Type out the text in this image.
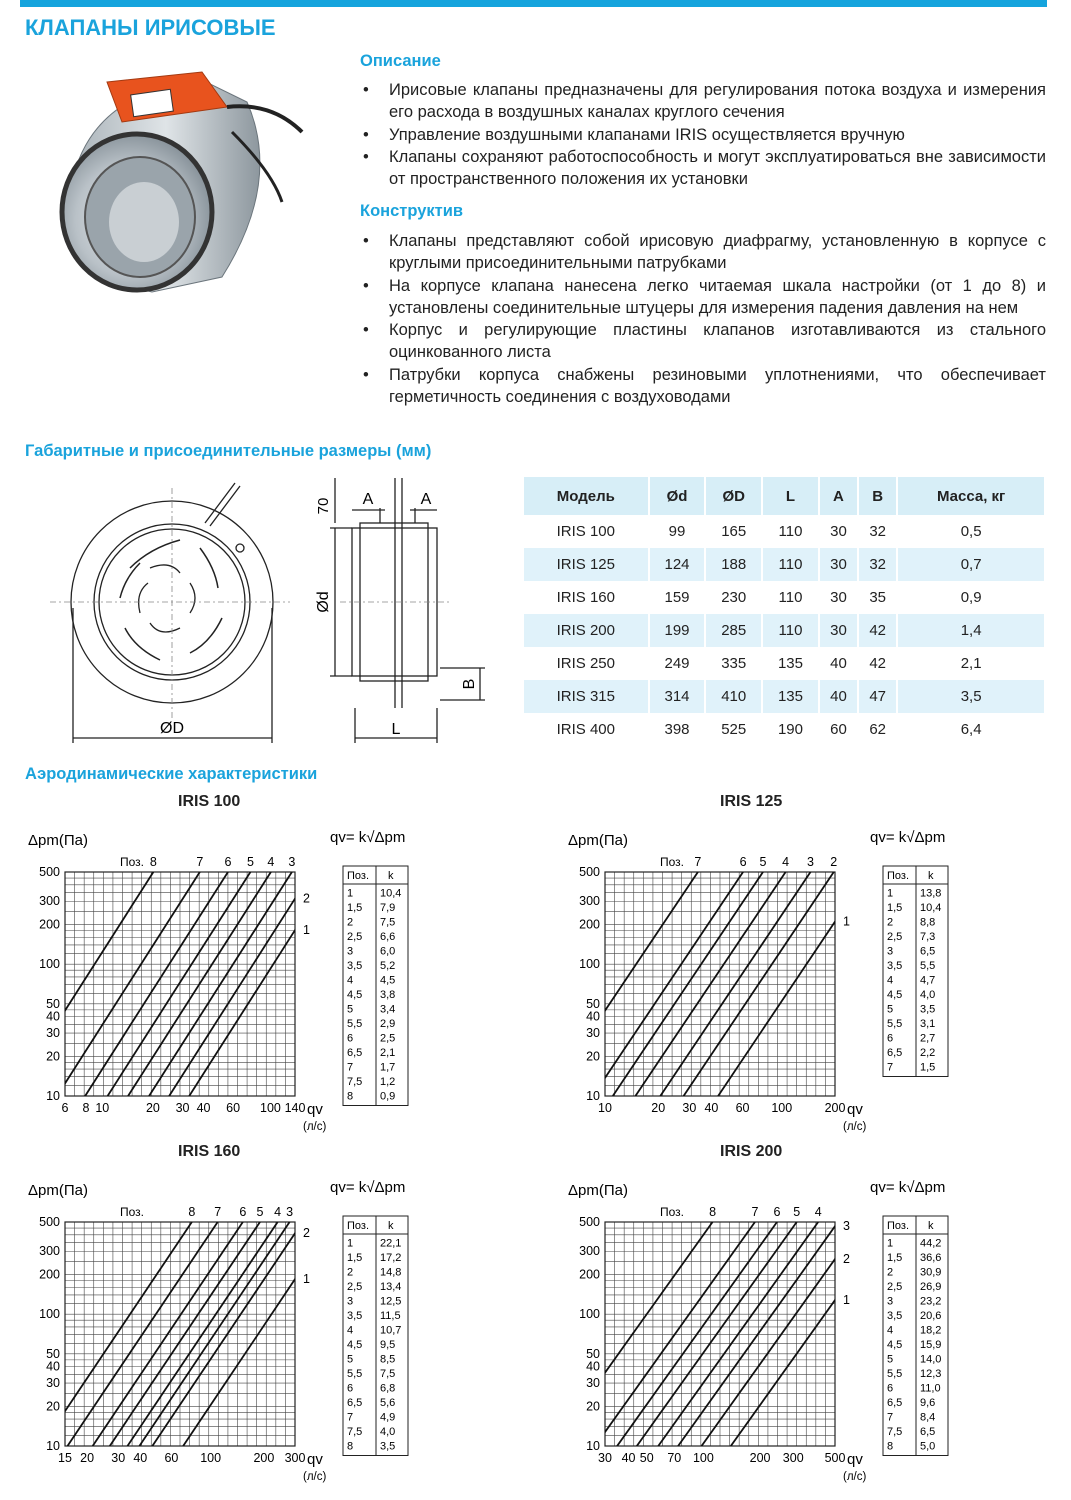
КЛАПАНЫ ИРИСОВЫЕ
Описание
• Ирисовые клапаны предназначены для регулирования потока воздуха и измерения его расхода в воздушных каналах круглого сечения
• Управление воздушными клапанами IRIS осуществляется вручную
• Клапаны сохраняют работоспособность и могут эксплуатироваться вне зависимости от пространственного положения их установки
Конструктив
• Клапаны представляют собой ирисовую диафрагму, установленную в корпусе с круглыми присоединительными патрубками
• На корпусе клапана нанесена легко читаемая шкала настройки (от 1 до 8) и установлены соединительные штуцеры для измерения падения давления на нем
• Корпус и регулирующие пластины клапанов изготавливаются из стального оцинкованного листа
• Патрубки корпуса снабжены резиновыми уплотнениями, что обеспечивает герметичность соединения с воздуховодами
Габаритные и присоединительные размеры (мм)
ØD	L
A	A
Ød
70
B
Модель	Ød	ØD	L	A	B	Масса, кг
IRIS 100	99	165	110	30	32	0,5
IRIS 125	124	188	110	30	32	0,7
IRIS 160	159	230	110	30	35	0,9
IRIS 200	199	285	110	30	42	1,4
IRIS 250	249	335	135	40	42	2,1
IRIS 315	314	410	135	40	47	3,5
IRIS 400	398	525	190	60	62	6,4
Аэродинамические характеристики
IRIS 100
10
20
30
40
50
100
200
300
500
6 8 10	20 30 40 60 100 140
Δpm(Па)
qv
(л/с)
qv= k√Δpm
Поз.
1
2
3
4
5
6
7
8
Поз. k
1 10,4
1,5 7,9
2 7,5
2,5 6,6
3 6,0
3,5 5,2
4 4,5
4,5 3,8
5 3,4
5,5 2,9
6 2,5
6,5 2,1
7 1,7
7,5 1,2
8 0,9
IRIS 125
10
20
30
40
50
100
200
300
500
10	20 30 40 60 100	200
Δpm(Па)
qv
(л/с)
qv= k√Δpm
Поз.
1
2
3
4
5
6
7
Поз. k
1 13,8
1,5 10,4
2 8,8
2,5 7,3
3 6,5
3,5 5,5
4 4,7
4,5 4,0
5 3,5
5,5 3,1
6 2,7
6,5 2,2
7 1,5
IRIS 160
10
20
30
40
50
100
200
300
500
15 20 30 40 60 100	200 300
Δpm(Па)
qv
(л/с)
qv= k√Δpm
Поз.
1
2
3
4
5
6
7
8
Поз. k
1 22,1
1,5 17,2
2 14,8
2,5 13,4
3 12,5
3,5 11,5
4 10,7
4,5 9,5
5 8,5
5,5 7,5
6 6,8
6,5 5,6
7 4,9
7,5 4,0
8 3,5
IRIS 200
10
20
30
40
50
100
200
300
500
30 40 50 70 100	200 300 500
Δpm(Па)
qv
(л/с)
qv= k√Δpm
Поз.
1
2
3
4
5
6
7
8
Поз. k
1 44,2
1,5 36,6
2 30,9
2,5 26,9
3 23,2
3,5 20,6
4 18,2
4,5 15,9
5 14,0
5,5 12,3
6 11,0
6,5 9,6
7 8,4
7,5 6,5
8 5,0
